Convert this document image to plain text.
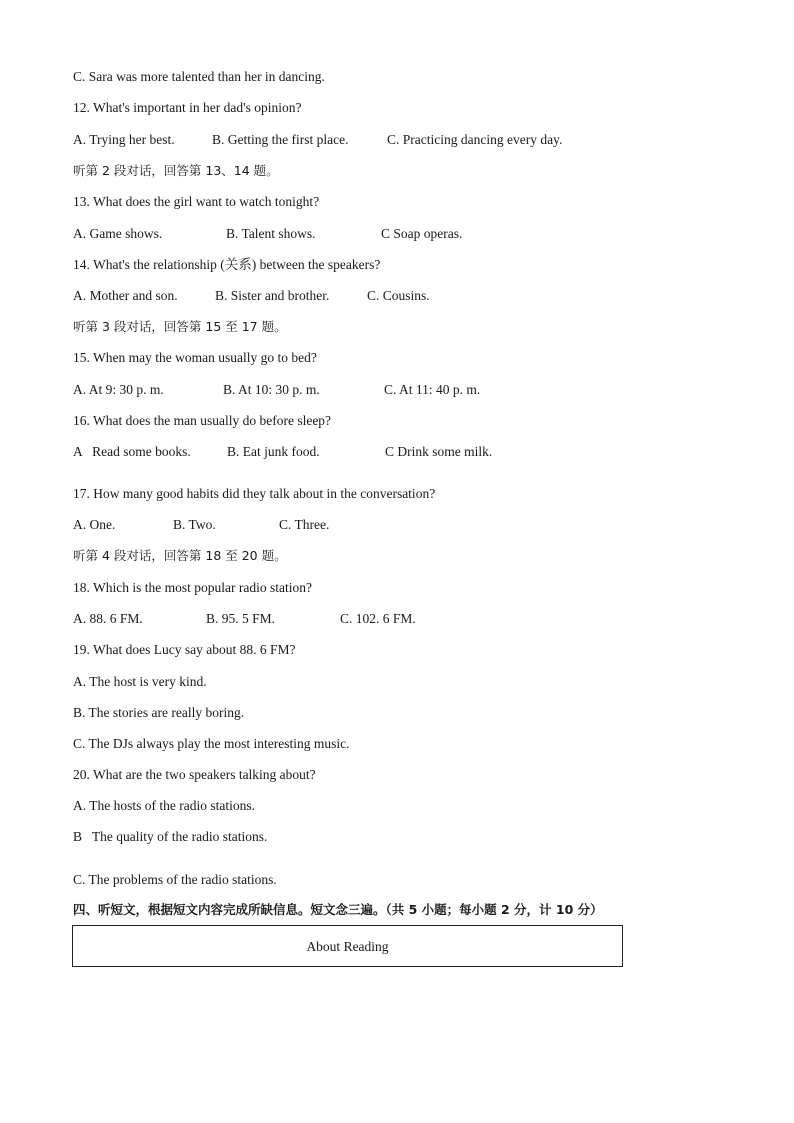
C. Sara was more talented than her in dancing.
12. What's important in her dad's opinion?
A. Trying her best.	B. Getting the first place.	C. Practicing dancing every day.
听第 2 段对话，回答第 13、14 题。
13. What does the girl want to watch tonight?
A. Game shows.	B. Talent shows.	C Soap operas.
14. What's the relationship (关系) between the speakers?
A. Mother and son.	B. Sister and brother.	C. Cousins.
听第 3 段对话，回答第 15 至 17 题。
15. When may the woman usually go to bed?
A. At 9: 30 p. m.	B. At 10: 30 p. m.	C. At 11: 40 p. m.
16. What does the man usually do before sleep?
A   Read some books.	B. Eat junk food.	C Drink some milk.
17. How many good habits did they talk about in the conversation?
A. One.	B. Two.	C. Three.
听第 4 段对话，回答第 18 至 20 题。
18. Which is the most popular radio station?
A. 88. 6 FM.	B. 95. 5 FM.	C. 102. 6 FM.
19. What does Lucy say about 88. 6 FM?
A. The host is very kind.
B. The stories are really boring.
C. The DJs always play the most interesting music.
20. What are the two speakers talking about?
A. The hosts of the radio stations.
B   The quality of the radio stations.
C. The problems of the radio stations.
四、听短文，根据短文内容完成所缺信息。短文念三遍。（共 5 小题；每小题 2 分，计 10 分）
About Reading
